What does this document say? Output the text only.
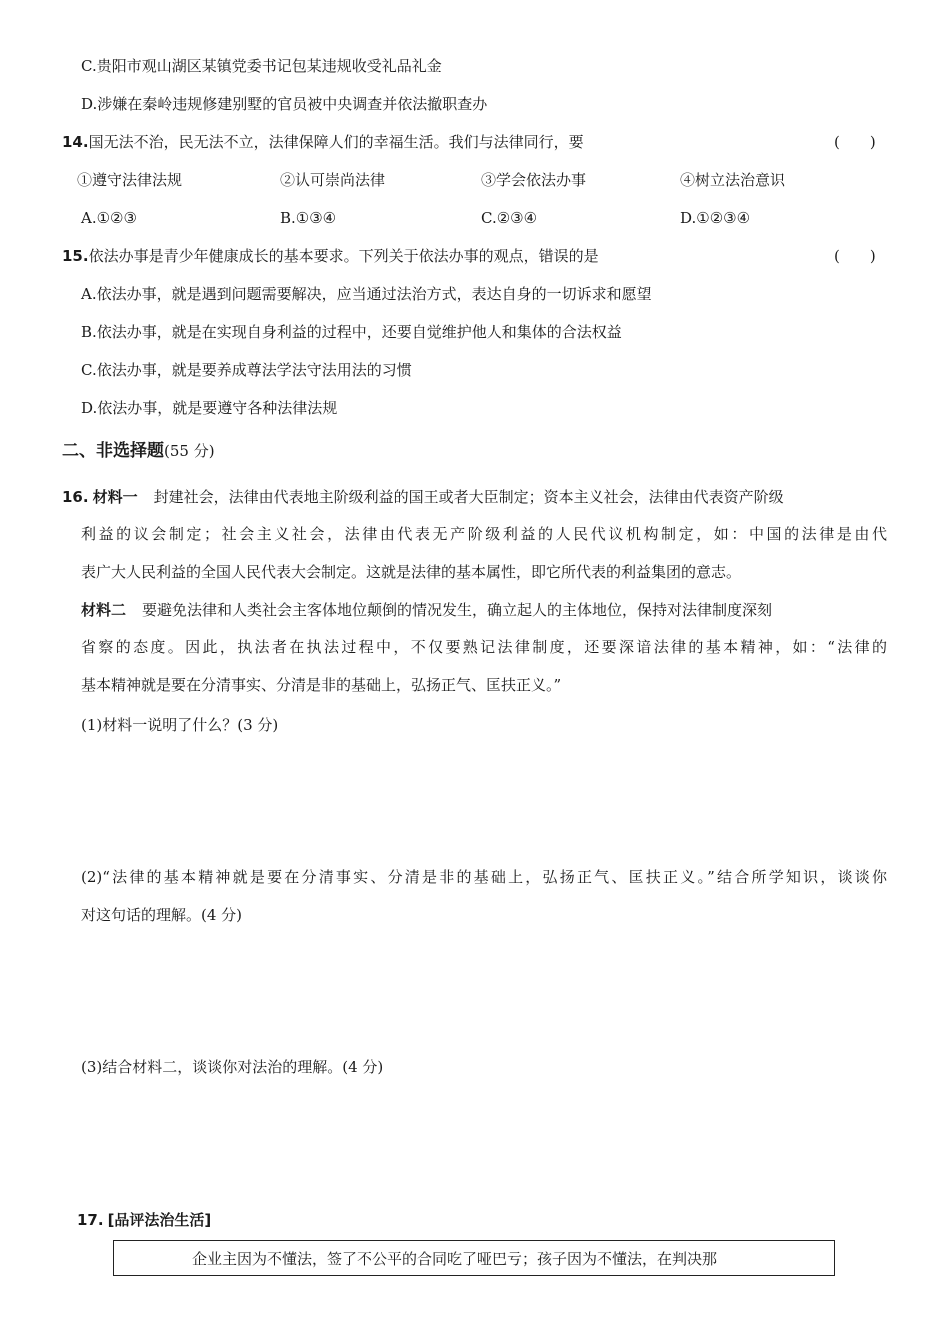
C.贵阳市观山湖区某镇党委书记包某违规收受礼品礼金
D.涉嫌在秦岭违规修建别墅的官员被中央调查并依法撤职查办
14.国无法不治，民无法不立，法律保障人们的幸福生活。我们与法律同行，要	(　　)
①遵守法律法规	②认可崇尚法律	③学会依法办事	④树立法治意识
A.①②③	B.①③④	C.②③④	D.①②③④
15.依法办事是青少年健康成长的基本要求。下列关于依法办事的观点，错误的是	(　　)
A.依法办事，就是遇到问题需要解决，应当通过法治方式，表达自身的一切诉求和愿望
B.依法办事，就是在实现自身利益的过程中，还要自觉维护他人和集体的合法权益
C.依法办事，就是要养成尊法学法守法用法的习惯
D.依法办事，就是要遵守各种法律法规
二、非选择题(55 分)
16. 材料一 封建社会，法律由代表地主阶级利益的国王或者大臣制定；资本主义社会，法律由代表资产阶级
利益的议会制定；社会主义社会，法律由代表无产阶级利益的人民代议机构制定，如：中国的法律是由代
表广大人民利益的全国人民代表大会制定。这就是法律的基本属性，即它所代表的利益集团的意志。
材料二 要避免法律和人类社会主客体地位颠倒的情况发生，确立起人的主体地位，保持对法律制度深刻
省察的态度。因此，执法者在执法过程中，不仅要熟记法律制度，还要深谙法律的基本精神，如：“法律的
基本精神就是要在分清事实、分清是非的基础上，弘扬正气、匡扶正义。”
(1)材料一说明了什么？(3 分)
(2)“法律的基本精神就是要在分清事实、分清是非的基础上，弘扬正气、匡扶正义。”结合所学知识，谈谈你
对这句话的理解。(4 分)
(3)结合材料二，谈谈你对法治的理解。(4 分)
17. [品评法治生活]
企业主因为不懂法，签了不公平的合同吃了哑巴亏；孩子因为不懂法，在判决那
